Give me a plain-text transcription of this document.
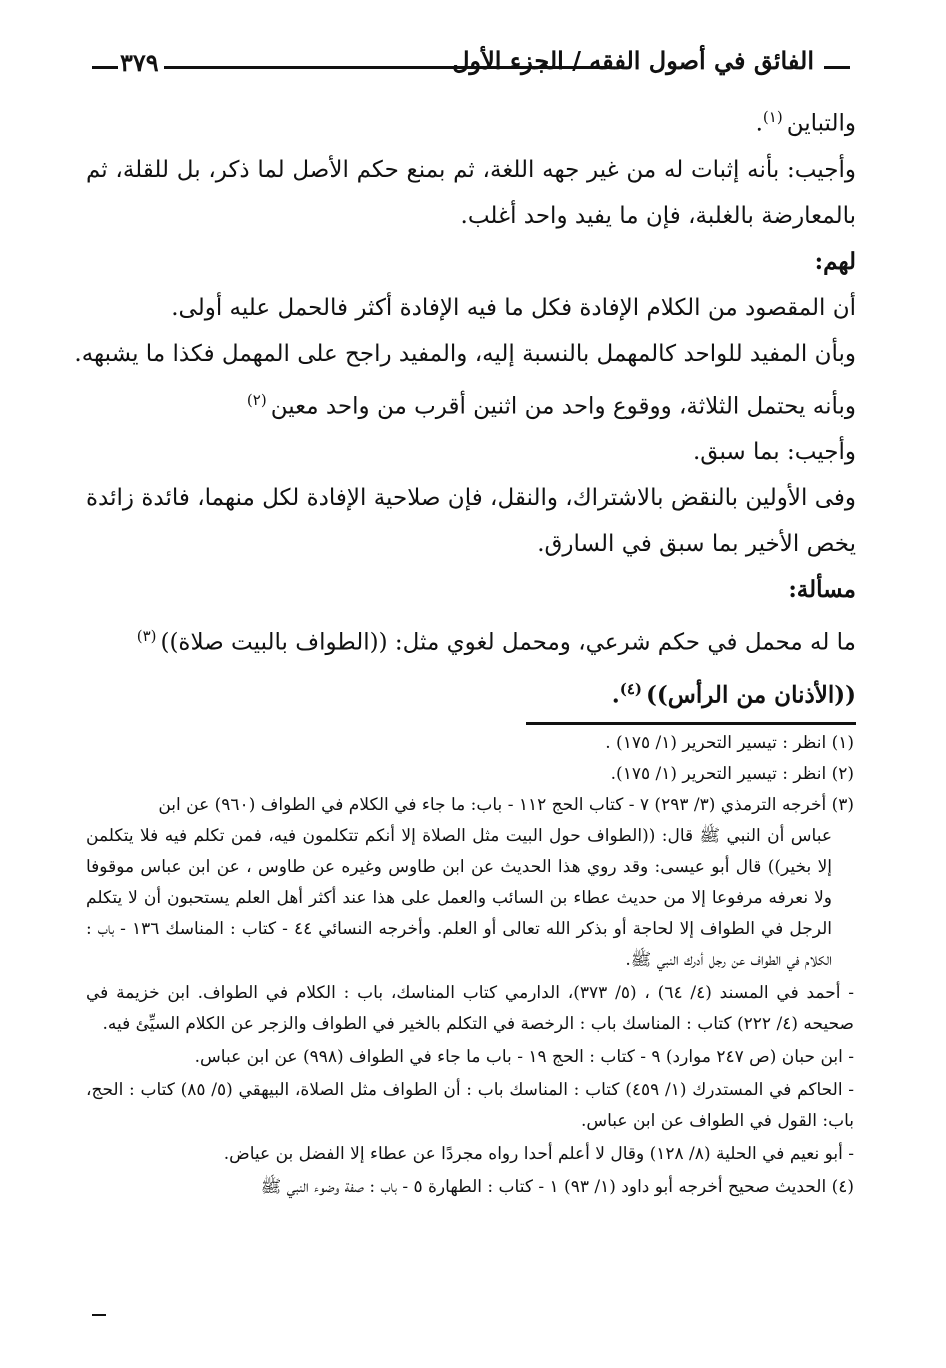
٣٧٩	الفائق في أصول الفقه / الجزء الأول
والتباين$^{(١)}$.
وأجيب: بأنه إثبات له من غير جهه اللغة، ثم بمنع حكم الأصل لما ذكر، بل للقلة، ثم بالمعارضة بالغلبة، فإن ما يفيد واحد أغلب.
لهم:
أن المقصود من الكلام الإفادة فكل ما فيه الإفادة أكثر فالحمل عليه أولى.
وبأن المفيد للواحد كالمهمل بالنسبة إليه، والمفيد راجح على المهمل فكذا ما يشبهه.
وبأنه يحتمل الثلاثة، ووقوع واحد من اثنين أقرب من واحد معين$^{(٢)}$
وأجيب: بما سبق.
وفى الأولين بالنقض بالاشتراك، والنقل، فإن صلاحية الإفادة لكل منهما، فائدة زائدة يخص الأخير بما سبق في السارق.
مسألة:
ما له محمل في حكم شرعي، ومحمل لغوي مثل: ((الطواف بالبيت صلاة))$^{(٣)}$
((الأذنان من الرأس))$^{(٤)}$.
(١) انظر : تيسير التحرير (١/ ١٧٥) .
(٢) انظر : تيسير التحرير (١/ ١٧٥).
(٣) أخرجه الترمذي (٣/ ٢٩٣) ٧ - كتاب الحج ١١٢ - باب: ما جاء في الكلام في الطواف (٩٦٠) عن ابن
عباس أن النبي ﷺ قال: ((الطواف حول البيت مثل الصلاة إلا أنكم تتكلمون فيه، فمن تكلم فيه فلا يتكلمن إلا بخير)) قال أبو عيسى: وقد روي هذا الحديث عن ابن طاوس وغيره عن طاوس ، عن ابن عباس موقوفا ولا نعرفه مرفوعا إلا من حديث عطاء بن السائب والعمل على هذا عند أكثر أهل العلم يستحبون أن لا يتكلم الرجل في الطواف إلا لحاجة أو بذكر الله تعالى أو العلم. وأخرجه النسائي ٤٤ - كتاب : المناسك ١٣٦ - باب : الكلام في الطواف عن رجل أدرك النبي ﷺ.
- أحمد في المسند (٤/ ٦٤) ، (٥/ ٣٧٣)، الدارمي كتاب المناسك، باب : الكلام في الطواف. ابن خزيمة في صحيحه (٤/ ٢٢٢) كتاب : المناسك باب : الرخصة في التكلم بالخير في الطواف والزجر عن الكلام السيِّئ فيه.
- ابن حبان (ص ٢٤٧ موارد) ٩ - كتاب : الحج ١٩ - باب ما جاء في الطواف (٩٩٨) عن ابن عباس.
- الحاكم في المستدرك (١/ ٤٥٩) كتاب : المناسك باب : أن الطواف مثل الصلاة، البيهقي (٥/ ٨٥) كتاب : الحج، باب: القول في الطواف عن ابن عباس.
- أبو نعيم في الحلية (٨/ ١٢٨) وقال لا أعلم أحدا رواه مجردًا عن عطاء إلا الفضل بن عياض.
(٤) الحديث صحيح أخرجه أبو داود (١/ ٩٣) ١ - كتاب : الطهارة ٥ - باب : صفة وضوء النبي ﷺ
